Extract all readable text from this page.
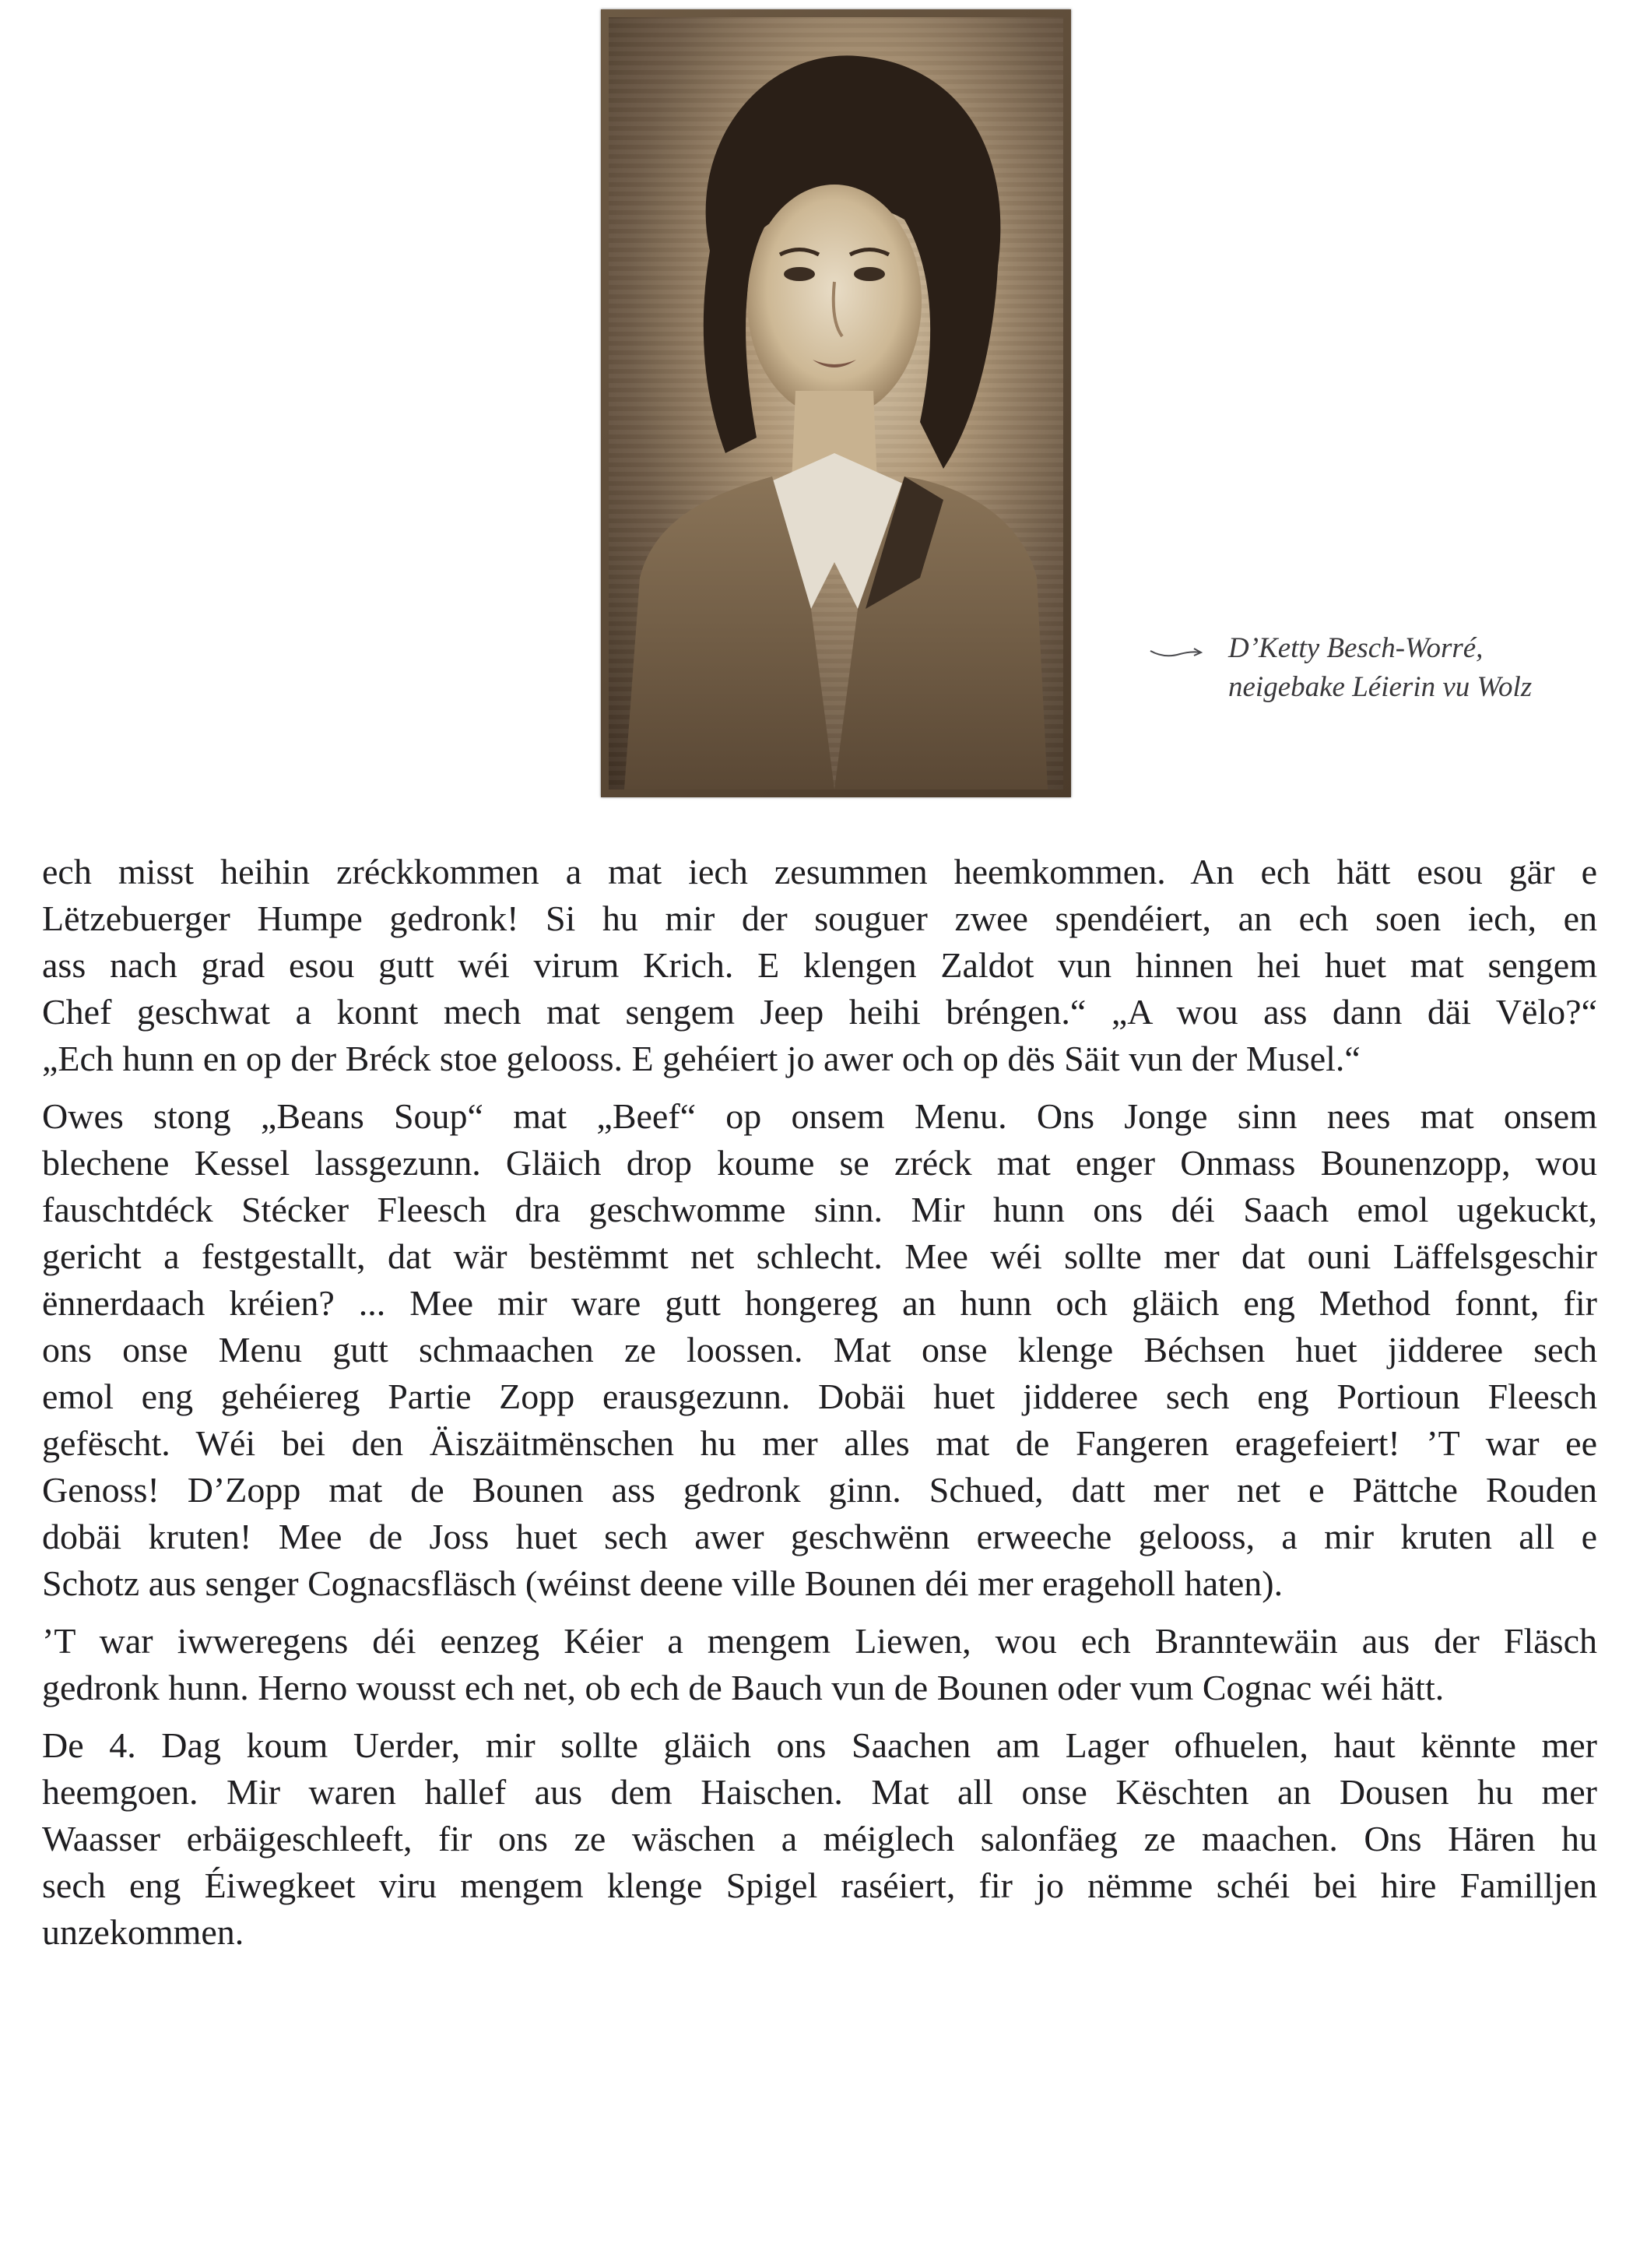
D’Ketty Besch-Worré,
neigebake Léierin vu Wolz

ech misst heihin zréckkommen a mat iech zesummen heemkommen. An ech hätt esou gär e
Lëtzebuerger Humpe gedronk! Si hu mir der souguer zwee spendéiert, an ech soen iech, en
ass nach grad esou gutt wéi virum Krich. E klengen Zaldot vun hinnen hei huet mat sengem
Chef geschwat a konnt mech mat sengem Jeep heihi bréngen.“ „A wou ass dann däi Vëlo?“
„Ech hunn en op der Bréck stoe gelooss. E gehéiert jo awer och op dës Säit vun der Musel.“

Owes stong „Beans Soup“ mat „Beef“ op onsem Menu. Ons Jonge sinn nees mat onsem
blechene Kessel lassgezunn. Gläich drop koume se zréck mat enger Onmass Bounenzopp, wou
fauschtdéck Stécker Fleesch dra geschwomme sinn. Mir hunn ons déi Saach emol ugekuckt,
gericht a festgestallt, dat wär bestëmmt net schlecht. Mee wéi sollte mer dat ouni Läffelsgeschir
ënnerdaach kréien? ... Mee mir ware gutt hongereg an hunn och gläich eng Method fonnt, fir
ons onse Menu gutt schmaachen ze loossen. Mat onse klenge Béchsen huet jidderee sech
emol eng gehéiereg Partie Zopp erausgezunn. Dobäi huet jidderee sech eng Portioun Fleesch
gefëscht. Wéi bei den Äiszäitmënschen hu mer alles mat de Fangeren eragefeiert! ’T war ee
Genoss! D’Zopp mat de Bounen ass gedronk ginn. Schued, datt mer net e Pättche Rouden
dobäi kruten! Mee de Joss huet sech awer geschwënn erweeche gelooss, a mir kruten all e
Schotz aus senger Cognacsfläsch (wéinst deene ville Bounen déi mer erageholl haten).

’T war iwweregens déi eenzeg Kéier a mengem Liewen, wou ech Branntewäin aus der Fläsch
gedronk hunn. Herno wousst ech net, ob ech de Bauch vun de Bounen oder vum Cognac wéi hätt.

De 4. Dag koum Uerder, mir sollte gläich ons Saachen am Lager ofhuelen, haut kënnte mer
heemgoen. Mir waren hallef aus dem Haischen. Mat all onse Këschten an Dousen hu mer
Waasser erbäigeschleeft, fir ons ze wäschen a méiglech salonfäeg ze maachen. Ons Hären hu
sech eng Éiwegkeet viru mengem klenge Spigel raséiert, fir jo nëmme schéi bei hire Familljen
unzekommen.
